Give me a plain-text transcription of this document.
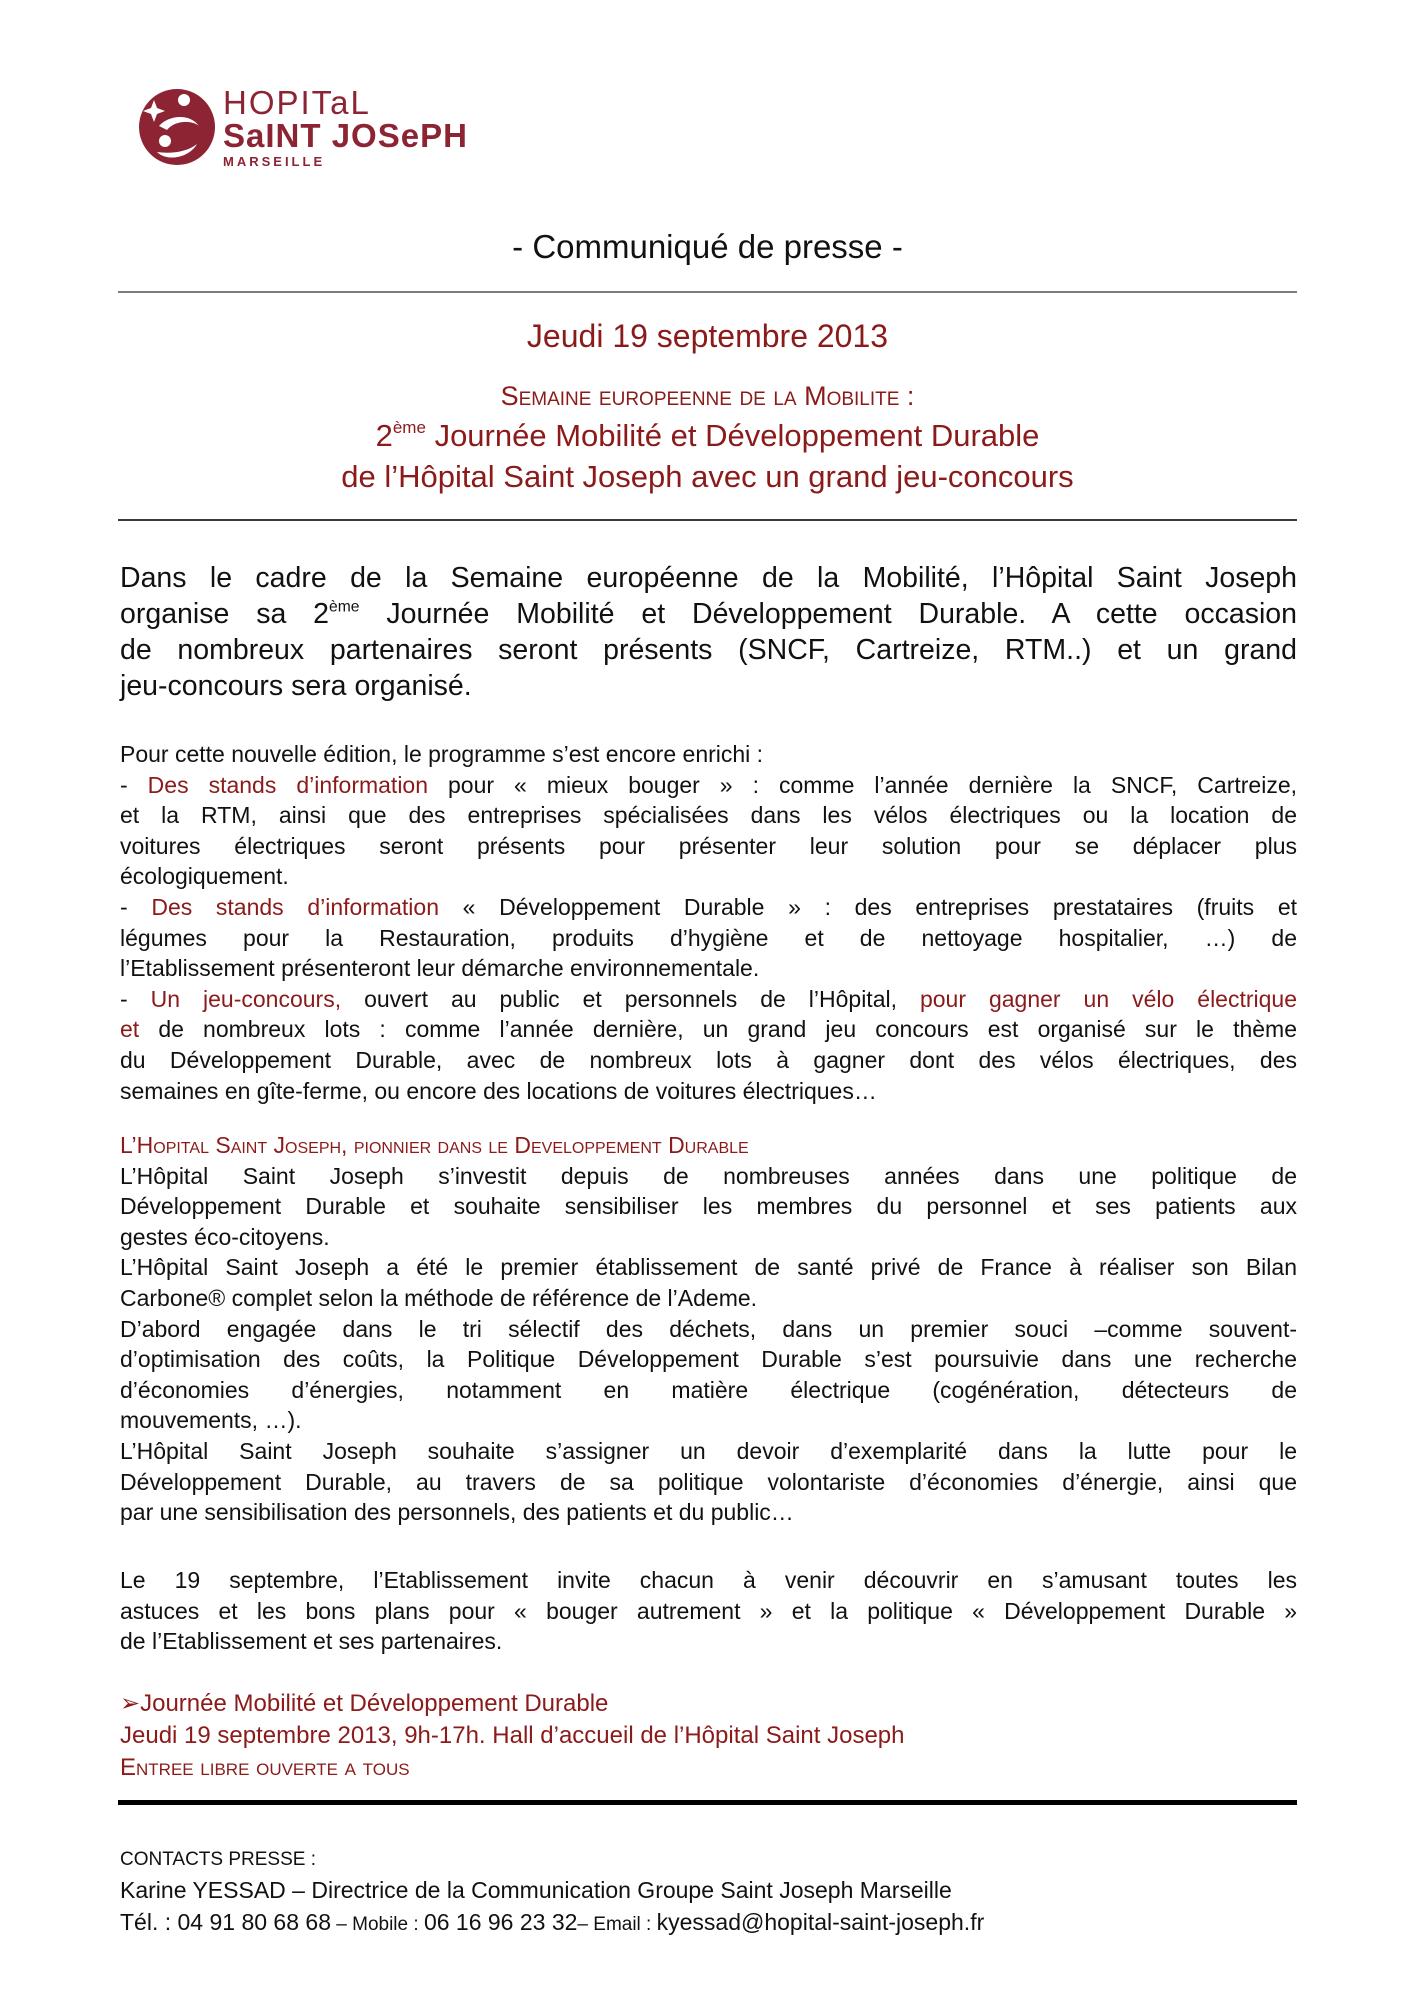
HOPITaL
SaINT JOSePH
MARSEILLE
- Communiqué de presse -
Jeudi 19 septembre 2013
Semaine europeenne de la Mobilite :
2ème Journée Mobilité et Développement Durable
de l’Hôpital Saint Joseph avec un grand jeu-concours
Dans le cadre de la Semaine européenne de la Mobilité, l’Hôpital Saint Joseph
organise sa 2ème Journée Mobilité et Développement Durable. A cette occasion
de nombreux partenaires seront présents (SNCF, Cartreize, RTM..) et un grand
jeu-concours sera organisé.
Pour cette nouvelle édition, le programme s’est encore enrichi :
- Des stands d’information pour « mieux bouger » : comme l’année dernière la SNCF, Cartreize,
et la RTM, ainsi que des entreprises spécialisées dans les vélos électriques ou la location de
voitures électriques seront présents pour présenter leur solution pour se déplacer plus
écologiquement.
- Des stands d’information « Développement Durable » : des entreprises prestataires (fruits et
légumes pour la Restauration, produits d’hygiène et de nettoyage hospitalier, …) de
l’Etablissement présenteront leur démarche environnementale.
- Un jeu-concours, ouvert au public et personnels de l’Hôpital, pour gagner un vélo électrique
et de nombreux lots : comme l’année dernière, un grand jeu concours est organisé sur le thème
du Développement Durable, avec de nombreux lots à gagner dont des vélos électriques, des
semaines en gîte-ferme, ou encore des locations de voitures électriques…
L’Hopital Saint Joseph, pionnier dans le Developpement Durable
L’Hôpital Saint Joseph s’investit depuis de nombreuses années dans une politique de
Développement Durable et souhaite sensibiliser les membres du personnel et ses patients aux
gestes éco-citoyens.
L’Hôpital Saint Joseph a été le premier établissement de santé privé de France à réaliser son Bilan
Carbone® complet selon la méthode de référence de l’Ademe.
D’abord engagée dans le tri sélectif des déchets, dans un premier souci –comme souvent-
d’optimisation des coûts, la Politique Développement Durable s’est poursuivie dans une recherche
d’économies d’énergies, notamment en matière électrique (cogénération, détecteurs de
mouvements, …).
L’Hôpital Saint Joseph souhaite s’assigner un devoir d’exemplarité dans la lutte pour le
Développement Durable, au travers de sa politique volontariste d’économies d’énergie, ainsi que
par une sensibilisation des personnels, des patients et du public…
Le 19 septembre, l’Etablissement invite chacun à venir découvrir en s’amusant toutes les
astuces et les bons plans pour « bouger autrement » et la politique « Développement Durable »
de l’Etablissement et ses partenaires.
➢Journée Mobilité et Développement Durable
Jeudi 19 septembre 2013, 9h-17h. Hall d’accueil de l’Hôpital Saint Joseph
Entree libre ouverte a tous
CONTACTS PRESSE :
Karine YESSAD – Directrice de la Communication Groupe Saint Joseph Marseille
Tél. : 04 91 80 68 68 – Mobile : 06 16 96 23 32– Email : kyessad@hopital-saint-joseph.fr
